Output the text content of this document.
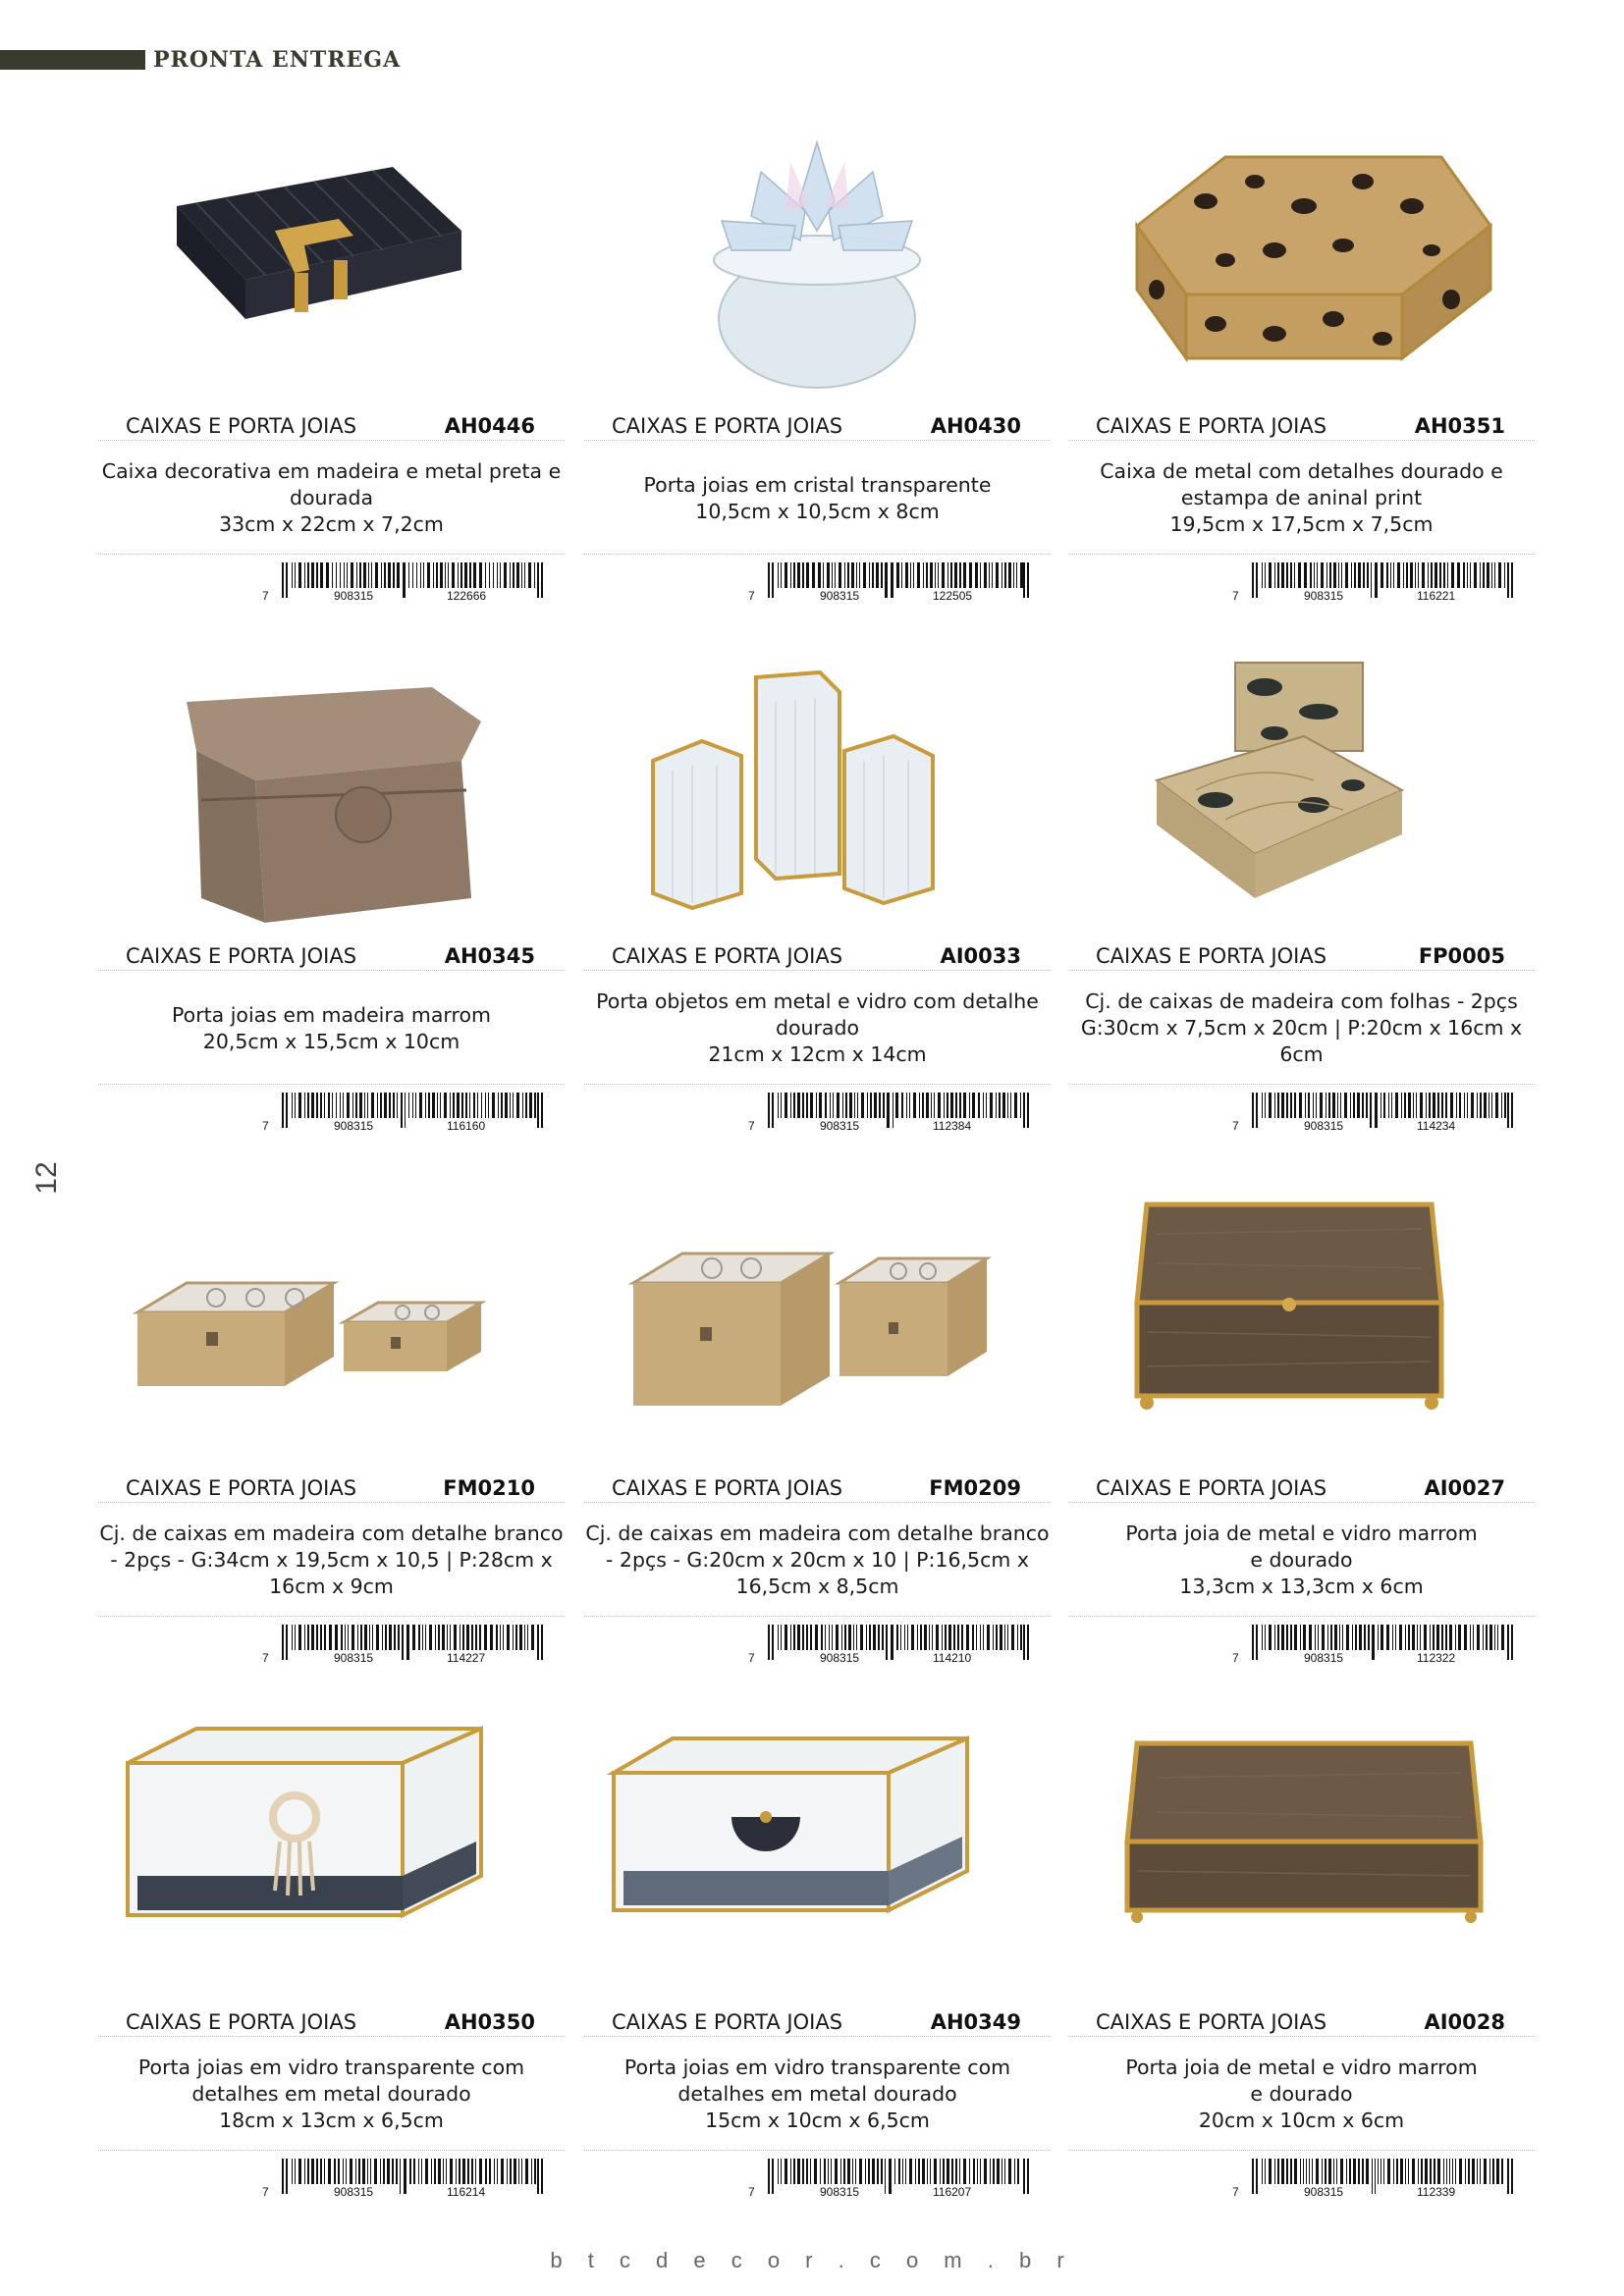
PRONTA ENTREGA
12
CAIXAS E PORTA JOIAS	AH0446
Caixa decorativa em madeira e metal preta e
dourada
33cm x 22cm x 7,2cm
7	908315	122666
CAIXAS E PORTA JOIAS	AH0430
Porta joias em cristal transparente
10,5cm x 10,5cm x 8cm
7	908315	122505
CAIXAS E PORTA JOIAS	AH0351
Caixa de metal com detalhes dourado e
estampa de aninal print
19,5cm x 17,5cm x 7,5cm
7	908315	116221
CAIXAS E PORTA JOIAS	AH0345
Porta joias em madeira marrom
20,5cm x 15,5cm x 10cm
7	908315	116160
CAIXAS E PORTA JOIAS	AI0033
Porta objetos em metal e vidro com detalhe
dourado
21cm x 12cm x 14cm
7	908315	112384
CAIXAS E PORTA JOIAS	FP0005
Cj. de caixas de madeira com folhas - 2pçs
G:30cm x 7,5cm x 20cm | P:20cm x 16cm x
6cm
7	908315	114234
CAIXAS E PORTA JOIAS	FM0210
Cj. de caixas em madeira com detalhe branco
- 2pçs - G:34cm x 19,5cm x 10,5 | P:28cm x
16cm x 9cm
7	908315	114227
CAIXAS E PORTA JOIAS	FM0209
Cj. de caixas em madeira com detalhe branco
- 2pçs - G:20cm x 20cm x 10 | P:16,5cm x
16,5cm x 8,5cm
7	908315	114210
CAIXAS E PORTA JOIAS	AI0027
Porta joia de metal e vidro marrom
e dourado
13,3cm x 13,3cm x 6cm
7	908315	112322
CAIXAS E PORTA JOIAS	AH0350
Porta joias em vidro transparente com
detalhes em metal dourado
18cm x 13cm x 6,5cm
7	908315	116214
CAIXAS E PORTA JOIAS	AH0349
Porta joias em vidro transparente com
detalhes em metal dourado
15cm x 10cm x 6,5cm
7	908315	116207
CAIXAS E PORTA JOIAS	AI0028
Porta joia de metal e vidro marrom
e dourado
20cm x 10cm x 6cm
7	908315	112339
b t c d e c o r . c o m . b r
